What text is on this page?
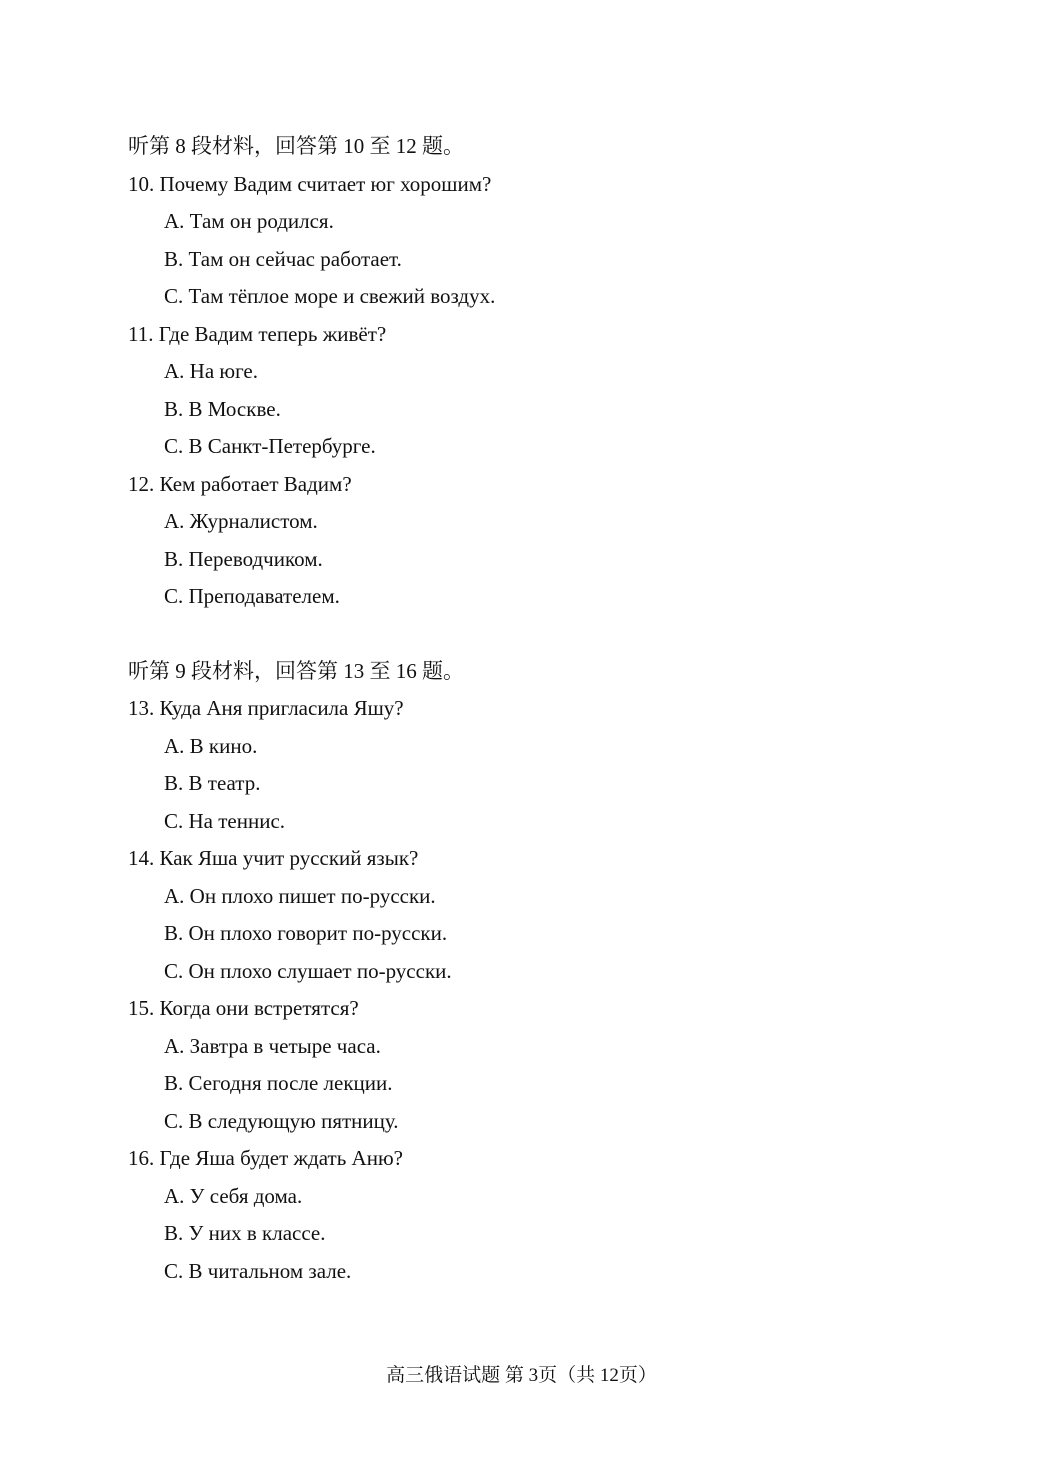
听第 8 段材料，回答第 10 至 12 题。
10. Почему Вадим считает юг хорошим?
A. Там он родился.
B. Там он сейчас работает.
C. Там тёплое море и свежий воздух.
11. Где Вадим теперь живёт?
A. На юге.
B. В Москве.
C. В Санкт-Петербурге.
12. Кем работает Вадим?
A. Журналистом.
B. Переводчиком.
C. Преподавателем.
听第 9 段材料，回答第 13 至 16 题。
13. Куда Аня пригласила Яшу?
A. В кино.
B. В театр.
C. На теннис.
14. Как Яша учит русский язык?
A. Он плохо пишет по-русски.
B. Он плохо говорит по-русски.
C. Он плохо слушает по-русски.
15. Когда они встретятся?
A. Завтра в четыре часа.
B. Сегодня после лекции.
C. В следующую пятницу.
16. Где Яша будет ждать Аню?
A. У себя дома.
B. У них в классе.
C. В читальном зале.
高三俄语试题 第 3页（共 12页）
